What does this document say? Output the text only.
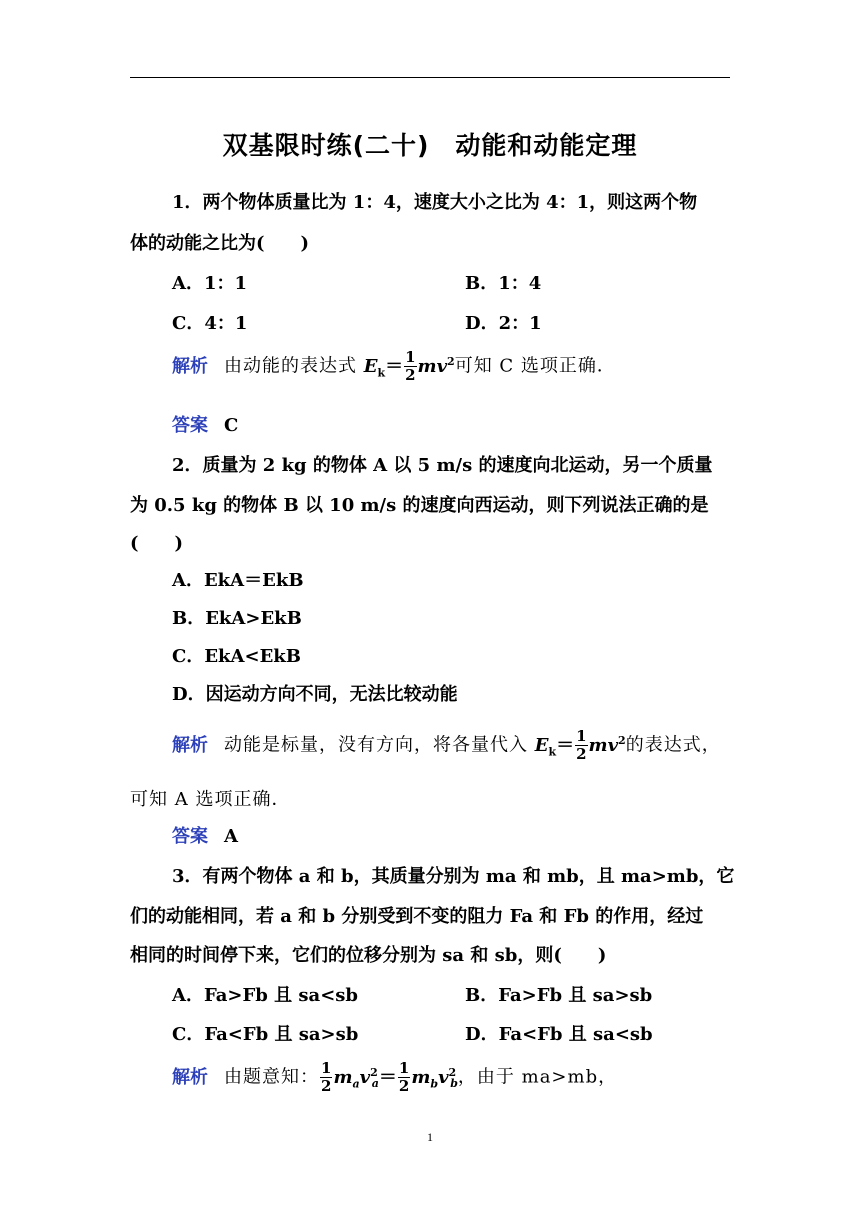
双基限时练(二十)　动能和动能定理
1．两个物体质量比为 1：4，速度大小之比为 4：1，则这两个物
体的动能之比为(　　)
A．1：1	B．1：4
C．4：1	D．2：1
解析 由动能的表达式 $E_k= \frac{1}{2} mv^2$可知 C 选项正确．
答案 C
2．质量为 2 kg 的物体 A 以 5 m/s 的速度向北运动，另一个质量
为 0.5 kg 的物体 B 以 10 m/s 的速度向西运动，则下列说法正确的是
(　　)
A．EkA＝EkB
B．EkA>EkB
C．EkA<EkB
D．因运动方向不同，无法比较动能
解析 动能是标量，没有方向，将各量代入 $E_k= \frac{1}{2} mv^2$的表达式，
可知 A 选项正确．
答案 A
3．有两个物体 a 和 b，其质量分别为 ma 和 mb，且 ma>mb，它
们的动能相同，若 a 和 b 分别受到不变的阻力 Fa 和 Fb 的作用，经过
相同的时间停下来，它们的位移分别为 sa 和 sb，则(　　)
A．Fa>Fb 且 sa<sb	B．Fa>Fb 且 sa>sb
C．Fa<Fb 且 sa>sb	D．Fa<Fb 且 sa<sb
解析 由题意知： $\frac{1}{2} m_av^2_a= \frac{1}{2} m_bv^2_b$，由于 ma>mb，
1
